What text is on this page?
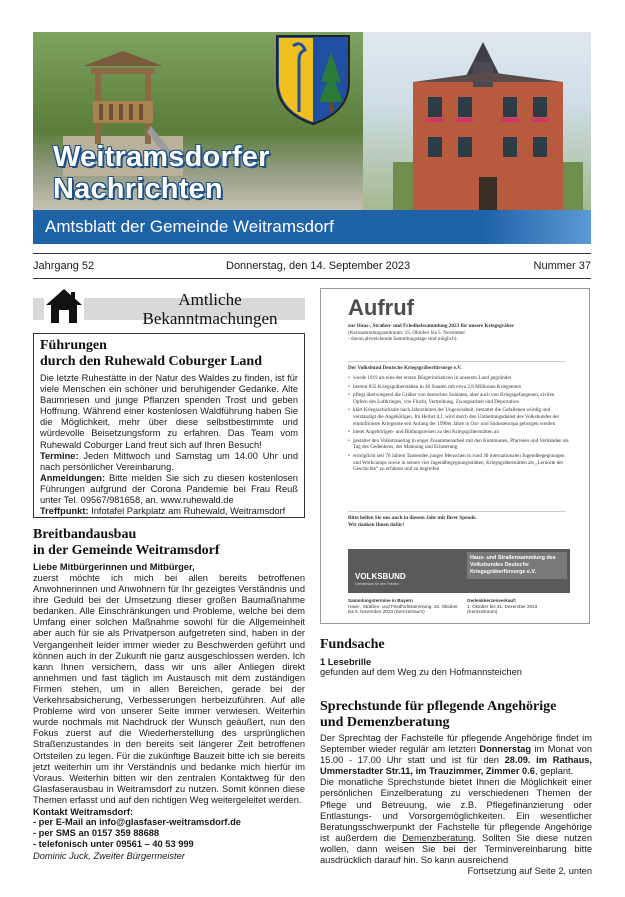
Weitramsdorfer
Nachrichten
Amtsblatt der Gemeinde Weitramsdorf
Jahrgang 52	Donnerstag, den 14. September 2023	Nummer 37
Amtliche
Bekanntmachungen
Führungen
durch den Ruhewald Coburger Land
Die letzte Ruhestätte in der Natur des Waldes zu finden, ist für viele Menschen ein schöner und beruhigender Gedanke. Alte Baumriesen und junge Pflanzen spenden Trost und geben Hoffnung. Während einer kostenlosen Waldführung haben Sie die Möglichkeit, mehr über diese selbstbestimmte und würdevolle Beisetzungsform zu erfahren. Das Team vom Ruhewald Coburger Land freut sich auf Ihren Besuch!
Termine: Jeden Mittwoch und Samstag um 14.00 Uhr und nach persönlicher Vereinbarung.
Anmeldungen: Bitte melden Sie sich zu diesen kostenlosen Führungen aufgrund der Corona Pandemie bei Frau Reuß unter Tel. 09567/981658, an. www.ruhewald.de
Treffpunkt: Infotafel Parkplatz am Ruhewald, Weitramsdorf
Breitbandausbau
in der Gemeinde Weitramsdorf
Liebe Mitbürgerinnen und Mitbürger,
zuerst möchte ich mich bei allen bereits betroffenen Anwohnerinnen und Anwohnern für Ihr gezeigtes Verständnis und ihre Geduld bei der Umsetzung dieser großen Baumaßnahme bedanken. Alle Einschränkungen und Probleme, welche bei dem Umfang einer solchen Maßnahme sowohl für die Allgemeinheit aber auch für sie als Privatperson aufgetreten sind, haben in der Vergangenheit leider immer wieder zu Beschwerden geführt und können auch in der Zukunft nie ganz ausgeschlossen werden. Ich kann Ihnen versichern, dass wir uns aller Anliegen direkt annehmen und fast täglich im Austausch mit dem zuständigen Firmen stehen, um in allen Bereichen, gerade bei der Verkehrsabsicherung, Verbesserungen herbeizuführen. Auf alle Probleme wird von unserer Seite immer verwiesen. Weiterhin wurde nochmals mit Nachdruck der Wunsch geäußert, nun den Fokus zuerst auf die Wiederherstellung des ursprünglichen Straßenzustandes in den bereits seit längerer Zeit betroffenen Ortsteilen zu legen. Für die zukünftige Bauzeit bitte ich sie bereits jetzt weiterhin um ihr Verständnis und bedanke mich hierfür im Voraus. Weiterhin bitten wir den zentralen Kontaktweg für den Glasfaserausbau in Weitramsdorf zu nutzen. Somit können diese Themen erfasst und auf den richtigen Weg weitergeleitet werden.
Kontakt Weitramsdorf:
- per E-Mail an info@glasfaser-weitramsdorf.de
- per SMS an 0157 359 88688
- telefonisch unter 09561 – 40 53 999
Dominic Juck, Zweiter Bürgermeister
Aufruf
zur Haus-, Straßen- und Friedhofssammlung 2023 für unsere Kriegsgräber
(Kernsammlungszeitraum: 15. Oktober bis 5. November
- davon abweichende Sammlungstage sind möglich)
Der Volksbund Deutsche Kriegsgräberfürsorge e.V.
• wurde 1919 als eine der ersten Bürgerinitiativen in unserem Land gegründet
• betreut 832 Kriegsgräberstätten in 46 Staaten mit etwa 2,8 Millionen Kriegstoten
• pflegt überwiegend die Gräber von deutschen Soldaten, aber auch von Kriegsgefangenen, zivilen Opfern des Luftkrieges, von Flucht, Vertreibung, Zwangsarbeit und Deportation
• klärt Kriegsschicksale nach Jahrzehnten der Ungewissheit, bestattet die Gefallenen würdig und verständigt die Angehörigen. Im Herbst d.J. wird durch den Umbettungsdienst des Volksbundes der einmillionste Kriegstote seit Anfang der 1990er Jahre in Ost- und Südosteuropa geborgen werden
• bietet Angehörigen- und Bildungsreisen zu den Kriegsgräberstätten an
• gestaltet den Volkstrauertag in enger Zusammenarbeit mit den Kommunen, Pfarreien und Verbänden als Tag des Gedenkens, der Mahnung und Erinnerung
• ermöglicht seit 70 Jahren Tausenden junger Menschen in rund 30 internationalen Jugendbegegnungen und Workcamps sowie in seinen vier Jugendbegegnungsstätten, Kriegsgräberstätten als „Lernorte der Geschichte“ zu erfahren und zu begreifen
Bitte helfen Sie uns auch in diesem Jahr mit Ihrer Spende.
Wir danken Ihnen dafür!
VOLKSBUND
Gemeinsam für den Frieden.
Haus- und Straßensammlung des Volksbundes Deutsche Kriegsgräberfürsorge e.V.
Sammlungstermine in Bayern
Haus-, Straßen- und Friedhofssammlung: 15. Oktober bis 5. November 2023 (Kernzeitraum)
Gedenkkerzenverkauf:
1. Oktober bis 31. Dezember 2023 (Kernzeitraum)
Fundsache
1 Lesebrille
gefunden auf dem Weg zu den Hofmannsteichen
Sprechstunde für pflegende Angehörige
und Demenzberatung
Der Sprechtag der Fachstelle für pflegende Angehörige findet im September wieder regulär am letzten Donnerstag im Monat von 15.00 - 17.00 Uhr statt und ist für den 28.09. im Rathaus, Ummerstadter Str.11, im Trauzimmer, Zimmer 0.6, geplant.
Die monatliche Sprechstunde bietet Ihnen die Möglichkeit einer persönlichen Einzelberatung zu verschiedenen Themen der Pflege und Betreuung, wie z.B. Pflegefinanzierung oder Entlastungs- und Vorsorgemöglichkeiten. Ein wesentlicher Beratungsschwerpunkt der Fachstelle für pflegende Angehörige ist außerdem die Demenzberatung. Sollten Sie diese nutzen wollen, dann weisen Sie bei der Terminvereinbarung bitte ausdrücklich darauf hin. So kann ausreichend
Fortsetzung auf Seite 2, unten
